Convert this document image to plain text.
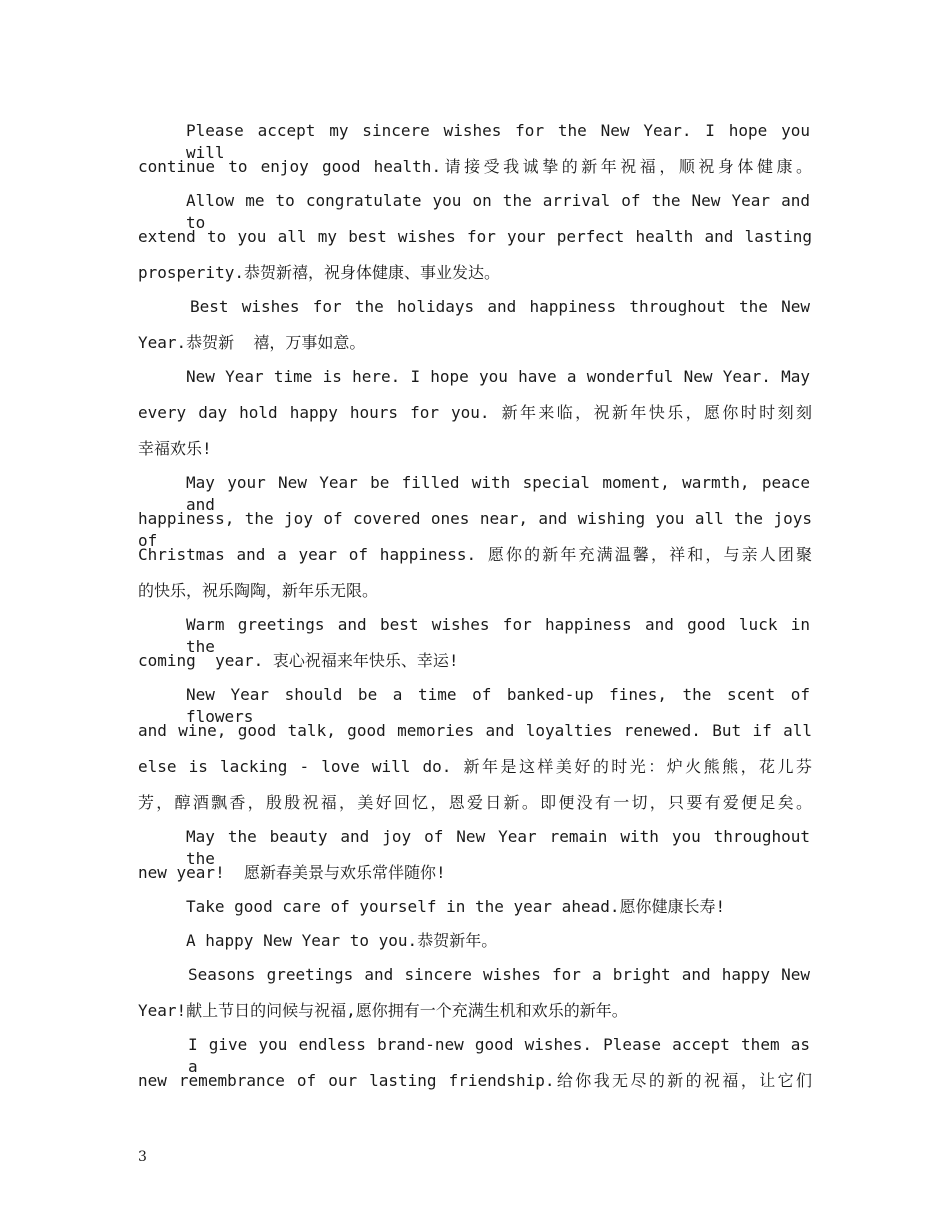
Please accept my sincere wishes for the New Year. I hope you will
continue to enjoy good health.请接受我诚挚的新年祝福，顺祝身体健康。
Allow me to congratulate you on the arrival of the New Year and to
extend to you all my best wishes for your perfect health and lasting
prosperity.恭贺新禧，祝身体健康、事业发达。
Best wishes for the holidays and happiness throughout the New
Year.恭贺新  禧，万事如意。
New Year time is here. I hope you have a wonderful New Year. May
every day hold happy hours for you. 新年来临，祝新年快乐，愿你时时刻刻
幸福欢乐!
May your New Year be filled with special moment, warmth, peace and
happiness, the joy of covered ones near, and wishing you all the joys of
Christmas and a year of happiness. 愿你的新年充满温馨，祥和，与亲人团聚
的快乐，祝乐陶陶，新年乐无限。
Warm greetings and best wishes for happiness and good luck in the
coming  year. 衷心祝福来年快乐、幸运!
New Year should be a time of banked-up fines, the scent of flowers
and wine, good talk, good memories and loyalties renewed. But if all
else is lacking - love will do. 新年是这样美好的时光：炉火熊熊，花儿芬
芳，醇酒飘香，殷殷祝福，美好回忆，恩爱日新。即便没有一切，只要有爱便足矣。
May the beauty and joy of New Year remain with you throughout the
new year!  愿新春美景与欢乐常伴随你!
Take good care of yourself in the year ahead.愿你健康长寿!
A happy New Year to you.恭贺新年。
Seasons greetings and sincere wishes for a bright and happy New
Year!献上节日的问候与祝福,愿你拥有一个充满生机和欢乐的新年。
I give you endless brand-new good wishes. Please accept them as a
new remembrance of our lasting friendship.给你我无尽的新的祝福，让它们
3
